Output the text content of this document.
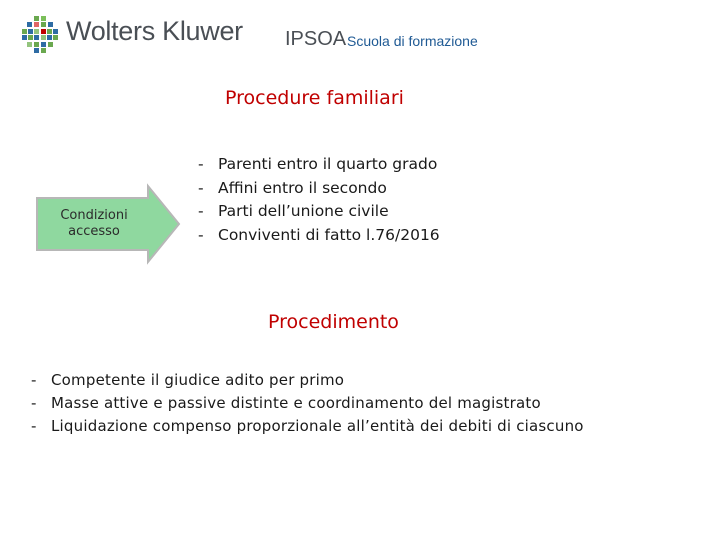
Wolters Kluwer IPSOA Scuola di formazione
Procedure familiari
Condizioni
accesso
- Parenti entro il quarto grado
- Affini entro il secondo
- Parti dell’unione civile
- Conviventi di fatto l.76/2016
Procedimento
- Competente il giudice adito per primo
- Masse attive e passive distinte e coordinamento del magistrato
- Liquidazione compenso proporzionale all’entità dei debiti di ciascuno
